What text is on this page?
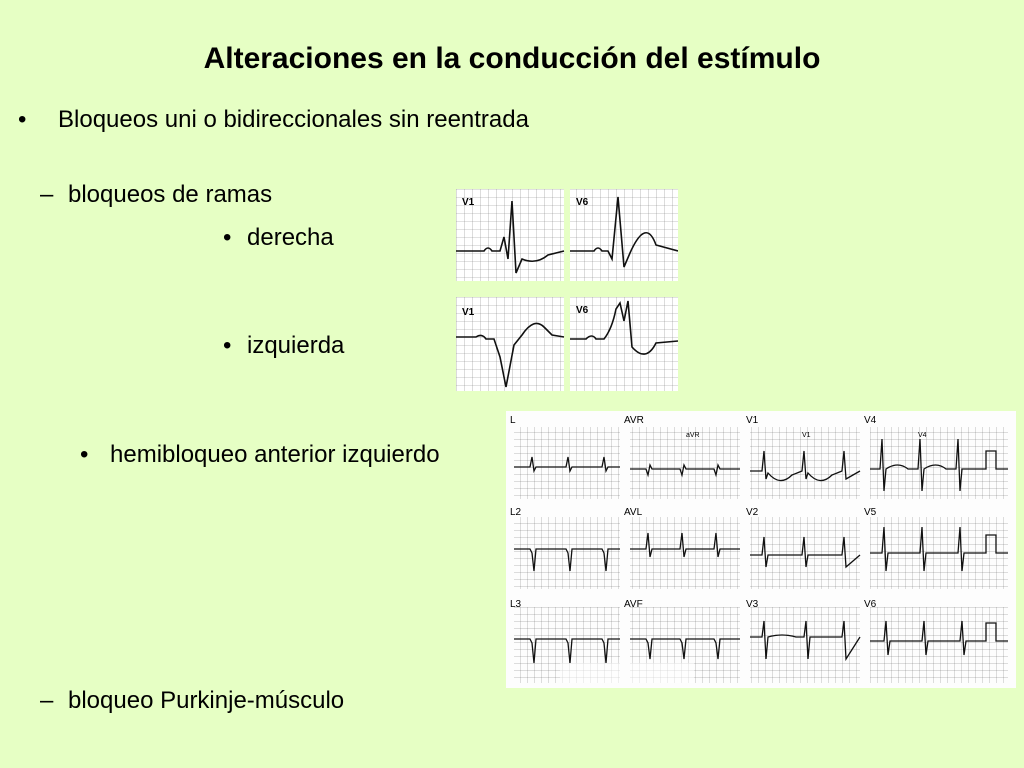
Alteraciones en la conducción del estímulo
• Bloqueos uni o bidireccionales sin reentrada
– bloqueos de ramas
• derecha
• izquierda
• hemibloqueo anterior izquierdo
– bloqueo Purkinje-músculo
V1	V6
V1	V6
L	AVR	V1	V4
L2	AVL	V2	V5
L3	AVF	V3	V6
aVR	V1	V4
